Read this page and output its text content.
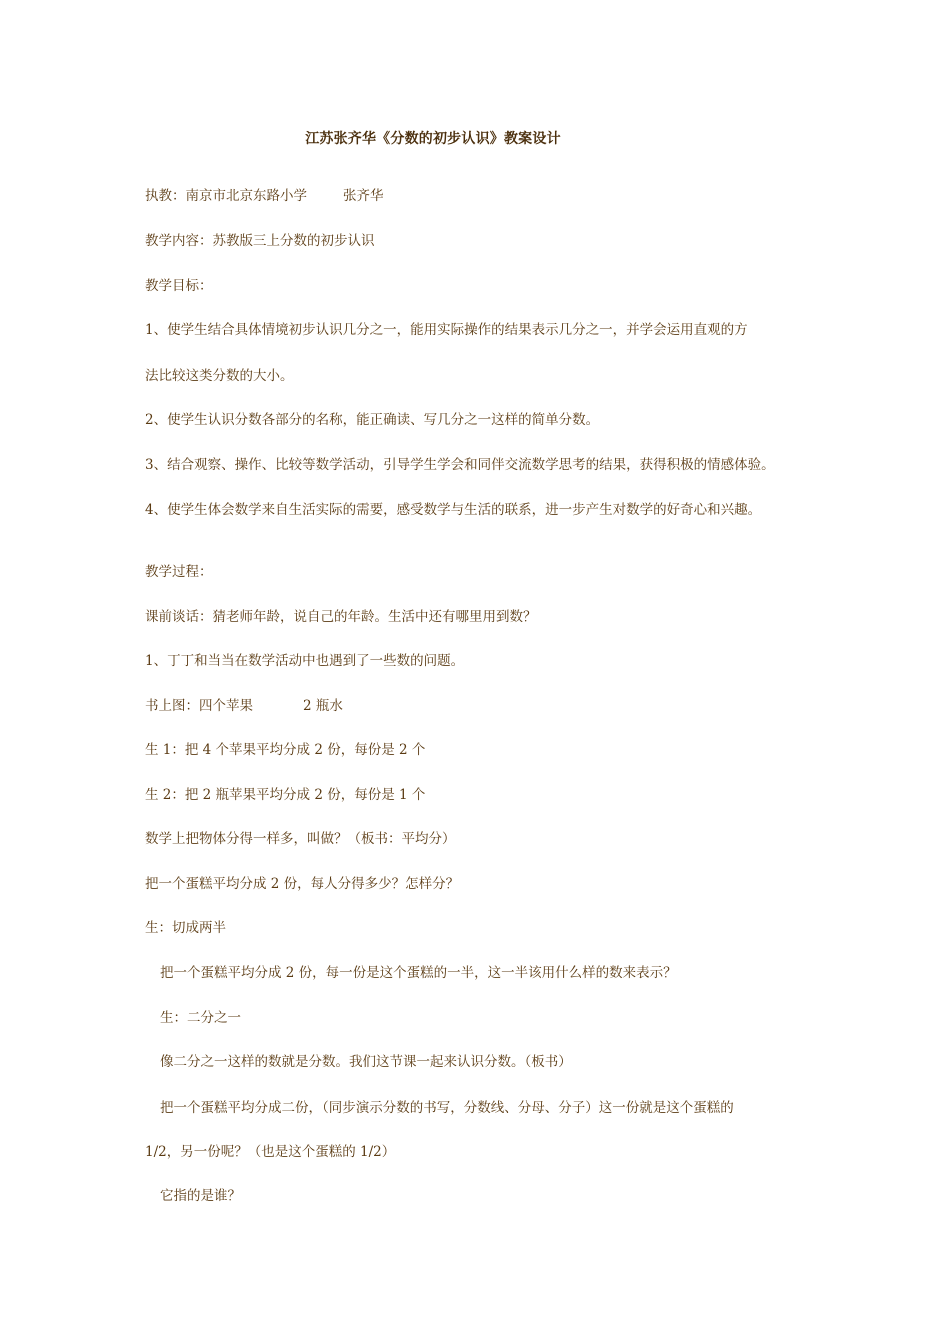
江苏张齐华《分数的初步认识》教案设计
执教：南京市北京东路小学	张齐华
教学内容：苏教版三上分数的初步认识
教学目标：
1、使学生结合具体情境初步认识几分之一，能用实际操作的结果表示几分之一，并学会运用直观的方
法比较这类分数的大小。
2、使学生认识分数各部分的名称，能正确读、写几分之一这样的简单分数。
3、结合观察、操作、比较等数学活动，引导学生学会和同伴交流数学思考的结果，获得积极的情感体验。
4、使学生体会数学来自生活实际的需要，感受数学与生活的联系，进一步产生对数学的好奇心和兴趣。
教学过程：
课前谈话：猜老师年龄，说自己的年龄。生活中还有哪里用到数？
1、丁丁和当当在数学活动中也遇到了一些数的问题。
书上图：四个苹果	2 瓶水
生 1：把 4 个苹果平均分成 2 份，每份是 2 个
生 2：把 2 瓶苹果平均分成 2 份，每份是 1 个
数学上把物体分得一样多，叫做？（板书：平均分）
把一个蛋糕平均分成 2 份，每人分得多少？怎样分？
生：切成两半
把一个蛋糕平均分成 2 份，每一份是这个蛋糕的一半，这一半该用什么样的数来表示？
生：二分之一
像二分之一这样的数就是分数。我们这节课一起来认识分数。（板书）
把一个蛋糕平均分成二份，（同步演示分数的书写，分数线、分母、分子）这一份就是这个蛋糕的
1/2，另一份呢？（也是这个蛋糕的 1/2）
它指的是谁？
